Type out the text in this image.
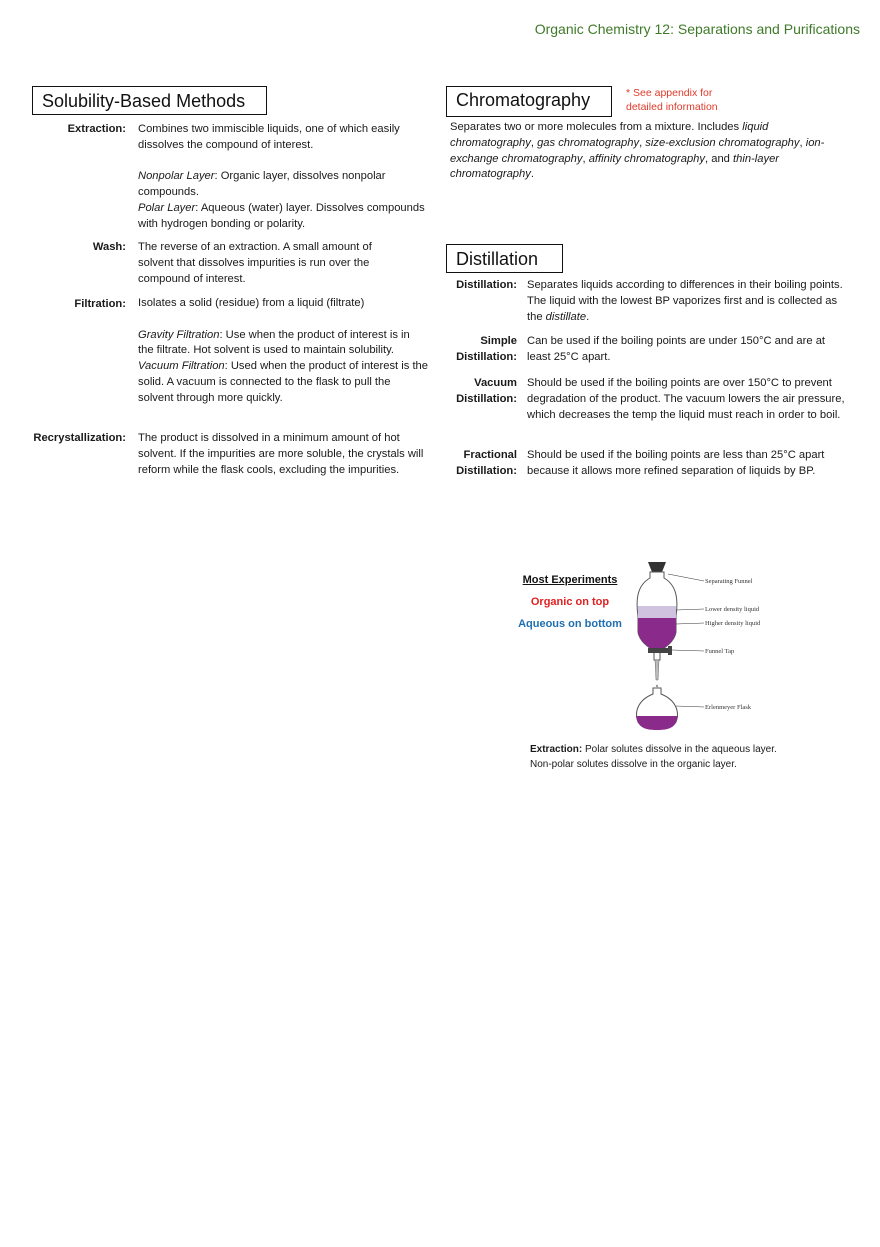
Organic Chemistry 12: Separations and Purifications
Solubility-Based Methods	Chromatography
Distillation
* See appendix for
detailed information
Extraction: Combines two immiscible liquids, one of which easily dissolves the compound of interest.

Nonpolar Layer: Organic layer, dissolves nonpolar compounds.

Polar Layer: Aqueous (water) layer. Dissolves compounds with hydrogen bonding or polarity.

Wash: The reverse of an extraction. A small amount of solvent that dissolves impurities is run over the compound of interest.

Filtration: Isolates a solid (residue) from a liquid (filtrate)

Gravity Filtration: Use when the product of interest is in the filtrate. Hot solvent is used to maintain solubility.

Vacuum Filtration: Used when the product of interest is the solid. A vacuum is connected to the flask to pull the solvent through more quickly.

Recrystallization: The product is dissolved in a minimum amount of hot solvent. If the impurities are more soluble, the crystals will reform while the flask cools, excluding the impurities.

Separates two or more molecules from a mixture. Includes liquid chromatography, gas chromatography, size-exclusion chromatography, ion-exchange chromatography, affinity chromatography, and thin-layer chromatography.
Distillation: Separates liquids according to differences in their boiling points. The liquid with the lowest BP vaporizes first and is collected as the distillate.

Simple
Distillation:

Can be used if the boiling points are under 150°C and are at least 25°C apart.

Vacuum
Distillation:

Should be used if the boiling points are over 150°C to prevent degradation of the product. The vacuum lowers the air pressure, which decreases the temp the liquid must reach in order to boil.

Fractional
Distillation:

Should be used if the boiling points are less than 25°C apart because it allows more refined separation of liquids by BP.

Most Experiments
Organic on top
Aqueous on bottom
Separating Funnel
Lower density liquid
Higher density liquid
Funnel Tap
Erlenmeyer Flask
Extraction: Polar solutes dissolve in the aqueous layer. Non-polar solutes dissolve in the organic layer.
